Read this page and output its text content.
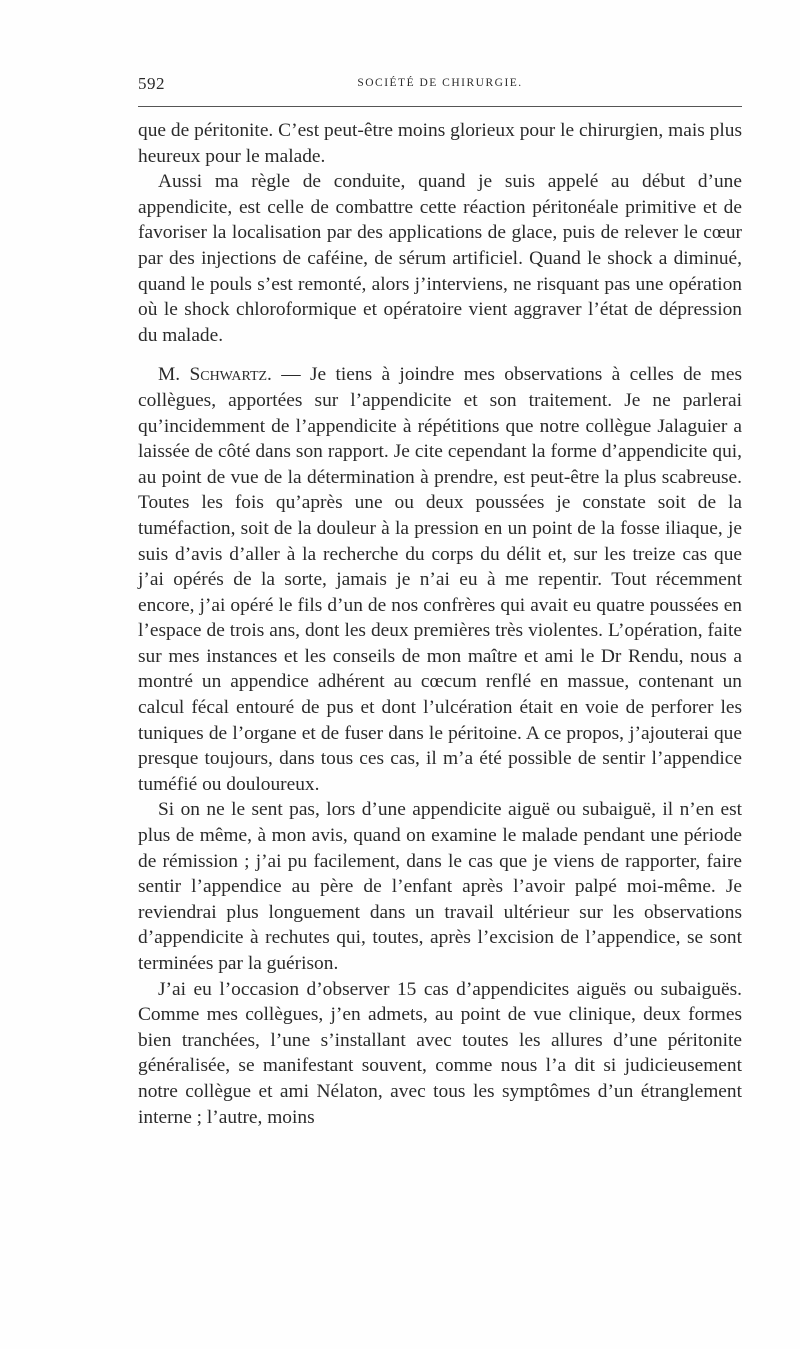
592	SOCIÉTÉ DE CHIRURGIE.

que de péritonite. C’est peut-être moins glorieux pour le chirurgien, mais plus heureux pour le malade.

Aussi ma règle de conduite, quand je suis appelé au début d’une appendicite, est celle de combattre cette réaction péritonéale primitive et de favoriser la localisation par des applications de glace, puis de relever le cœur par des injections de caféine, de sérum artificiel. Quand le shock a diminué, quand le pouls s’est remonté, alors j’interviens, ne risquant pas une opération où le shock chloroformique et opératoire vient aggraver l’état de dépression du malade.

M. Schwartz. — Je tiens à joindre mes observations à celles de mes collègues, apportées sur l’appendicite et son traitement. Je ne parlerai qu’incidemment de l’appendicite à répétitions que notre collègue Jalaguier a laissée de côté dans son rapport. Je cite cependant la forme d’appendicite qui, au point de vue de la détermination à prendre, est peut-être la plus scabreuse. Toutes les fois qu’après une ou deux poussées je constate soit de la tuméfaction, soit de la douleur à la pression en un point de la fosse iliaque, je suis d’avis d’aller à la recherche du corps du délit et, sur les treize cas que j’ai opérés de la sorte, jamais je n’ai eu à me repentir. Tout récemment encore, j’ai opéré le fils d’un de nos confrères qui avait eu quatre poussées en l’espace de trois ans, dont les deux premières très violentes. L’opération, faite sur mes instances et les conseils de mon maître et ami le Dr Rendu, nous a montré un appendice adhérent au cœcum renflé en massue, contenant un calcul fécal entouré de pus et dont l’ulcération était en voie de perforer les tuniques de l’organe et de fuser dans le péritoine. A ce propos, j’ajouterai que presque toujours, dans tous ces cas, il m’a été possible de sentir l’appendice tuméfié ou douloureux.

Si on ne le sent pas, lors d’une appendicite aiguë ou subaiguë, il n’en est plus de même, à mon avis, quand on examine le malade pendant une période de rémission ; j’ai pu facilement, dans le cas que je viens de rapporter, faire sentir l’appendice au père de l’enfant après l’avoir palpé moi-même. Je reviendrai plus longuement dans un travail ultérieur sur les observations d’appendicite à rechutes qui, toutes, après l’excision de l’appendice, se sont terminées par la guérison.

J’ai eu l’occasion d’observer 15 cas d’appendicites aiguës ou subaiguës. Comme mes collègues, j’en admets, au point de vue clinique, deux formes bien tranchées, l’une s’installant avec toutes les allures d’une péritonite généralisée, se manifestant souvent, comme nous l’a dit si judicieusement notre collègue et ami Nélaton, avec tous les symptômes d’un étranglement interne ; l’autre, moins
